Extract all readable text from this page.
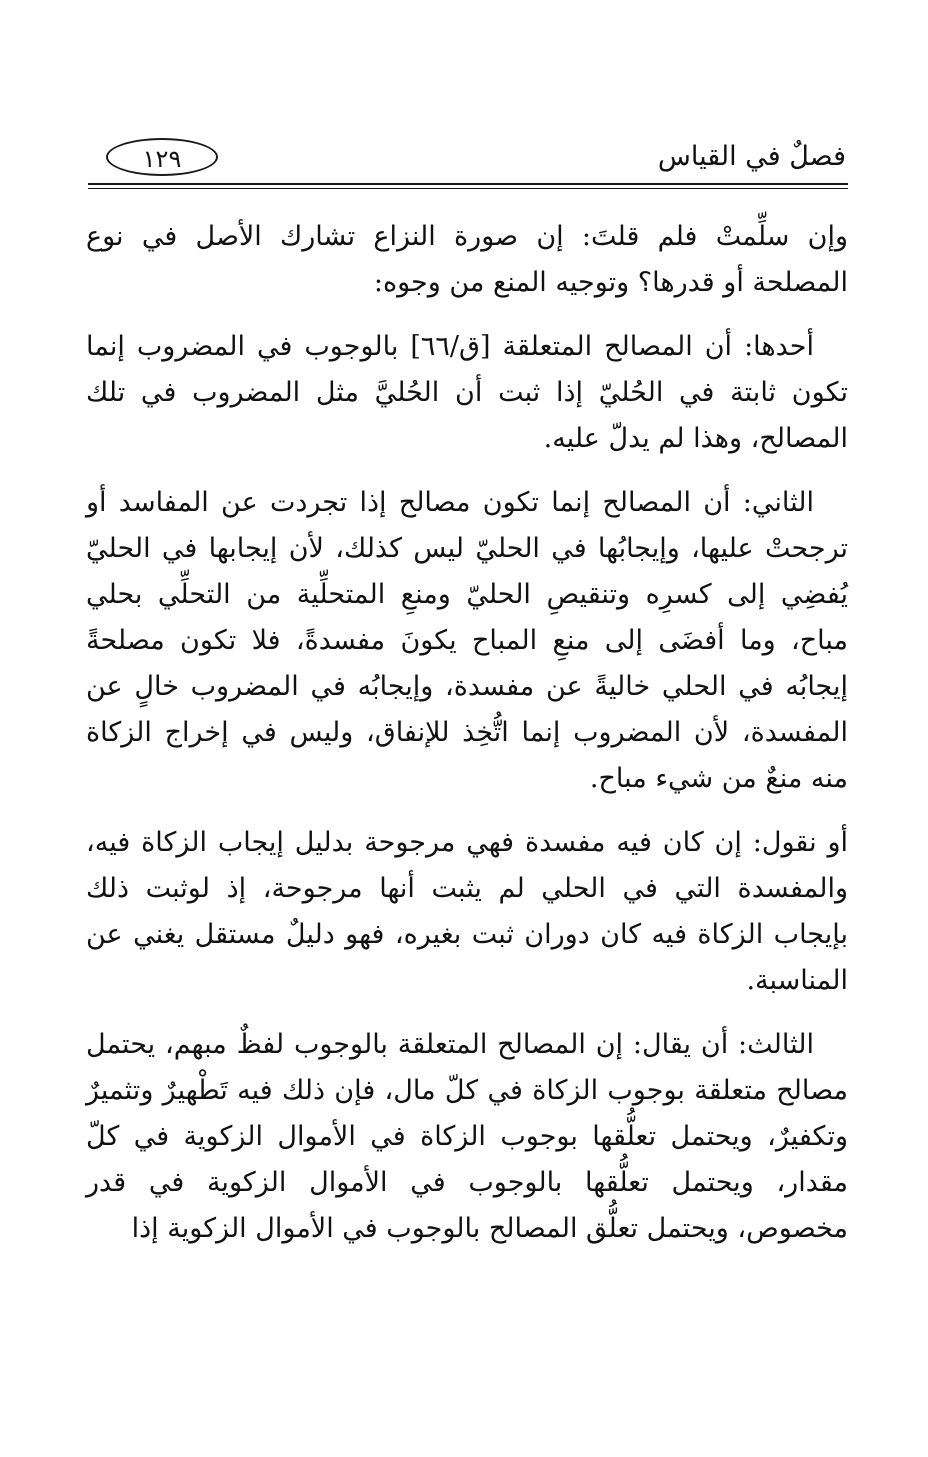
فصلٌ في القياس
١٢٩

وإن سلِّمتْ فلم قلتَ: إن صورة النزاع تشارك الأصل في نوع المصلحة أو قدرها؟ وتوجيه المنع من وجوه:

أحدها: أن المصالح المتعلقة [ق/٦٦] بالوجوب في المضروب إنما تكون ثابتة في الحُليّ إذا ثبت أن الحُليَّ مثل المضروب في تلك المصالح، وهذا لم يدلّ عليه.

الثاني: أن المصالح إنما تكون مصالح إذا تجردت عن المفاسد أو ترجحتْ عليها، وإيجابُها في الحليّ ليس كذلك، لأن إيجابها في الحليّ يُفضِي إلى كسرِه وتنقيصِ الحليّ ومنعِ المتحلِّية من التحلِّي بحلي مباح، وما أفضَى إلى منعِ المباح يكونَ مفسدةً، فلا تكون مصلحةً إيجابُه في الحلي خاليةً عن مفسدة، وإيجابُه في المضروب خالٍ عن المفسدة، لأن المضروب إنما اتُّخِذ للإنفاق، وليس في إخراج الزكاة منه منعٌ من شيء مباح.

أو نقول: إن كان فيه مفسدة فهي مرجوحة بدليل إيجاب الزكاة فيه، والمفسدة التي في الحلي لم يثبت أنها مرجوحة، إذ لوثبت ذلك بإيجاب الزكاة فيه كان دوران ثبت بغيره، فهو دليلٌ مستقل يغني عن المناسبة.

الثالث: أن يقال: إن المصالح المتعلقة بالوجوب لفظٌ مبهم، يحتمل مصالح متعلقة بوجوب الزكاة في كلّ مال، فإن ذلك فيه تَطْهيرٌ وتثميرٌ وتكفيرٌ، ويحتمل تعلُّقها بوجوب الزكاة في الأموال الزكوية في كلّ مقدار، ويحتمل تعلُّقها بالوجوب في الأموال الزكوية في قدر مخصوص، ويحتمل تعلُّق المصالح بالوجوب في الأموال الزكوية إذا
